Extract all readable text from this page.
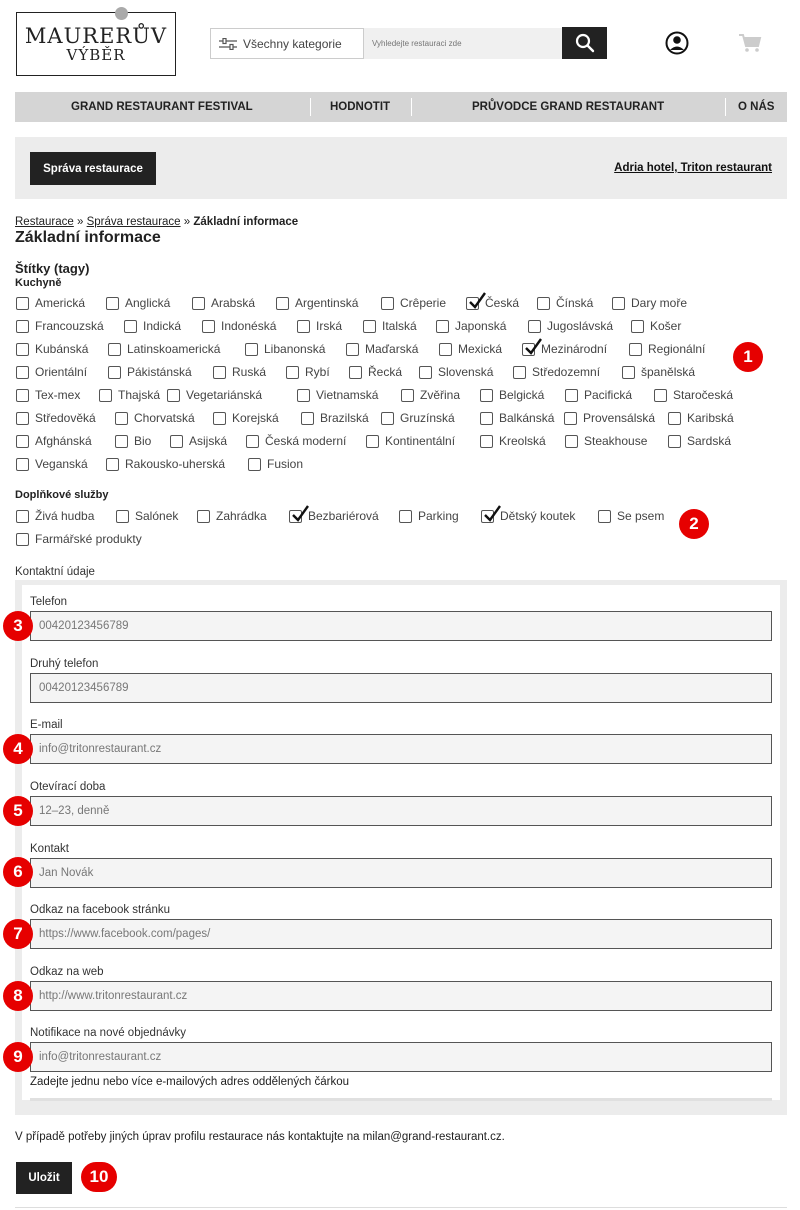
MAURERŮV
VÝBĚR
Všechny kategorie
Vyhledejte restauraci zde
GRAND RESTAURANT FESTIVAL	HODNOTIT	PRŮVODCE GRAND RESTAURANT	O NÁS
Správa restaurace	Adria hotel, Triton restaurant
Restaurace » Správa restaurace » Základní informace
Základní informace
Štítky (tagy)
Kuchyně
Americká	Anglická	Arabská	Argentinská	Crêperie	Česká	Čínská	Dary moře
Francouzská	Indická	Indonéská	Irská	Italská	Japonská	Jugoslávská	Košer
Kubánská	Latinskoamerická	Libanonská	Maďarská	Mexická	Mezinárodní	Regionální
Orientální	Pákistánská	Ruská	Rybí	Řecká	Slovenská	Středozemní	španělská
Tex-mex	Thajská Vegetariánská	Vietnamská	Zvěřina	Belgická	Pacifická	Staročeská
Středověká	Chorvatská	Korejská	Brazilská	Gruzínská	Balkánská Provensálská	Karibská
Afghánská	Bio	Asijská	Česká moderní	Kontinentální	Kreolská	Steakhouse	Sardská
Veganská	Rakousko-uherská	Fusion
Doplňkové služby
Živá hudba	Salónek	Zahrádka	Bezbariérová	Parking	Dětský koutek	Se psem
Farmářské produkty
Kontaktní údaje
Telefon
00420123456789
Druhý telefon
00420123456789
E-mail
info@tritonrestaurant.cz
Otevírací doba
12–23, denně
Kontakt
Jan Novák
Odkaz na facebook stránku
https://www.facebook.com/pages/
Odkaz na web
http://www.tritonrestaurant.cz
Notifikace na nové objednávky
info@tritonrestaurant.cz
Zadejte jednu nebo více e-mailových adres oddělených čárkou
V případě potřeby jiných úprav profilu restaurace nás kontaktujte na milan@grand-restaurant.cz.
Uložit
1
2
3
4
5
6
7
8
9
10
